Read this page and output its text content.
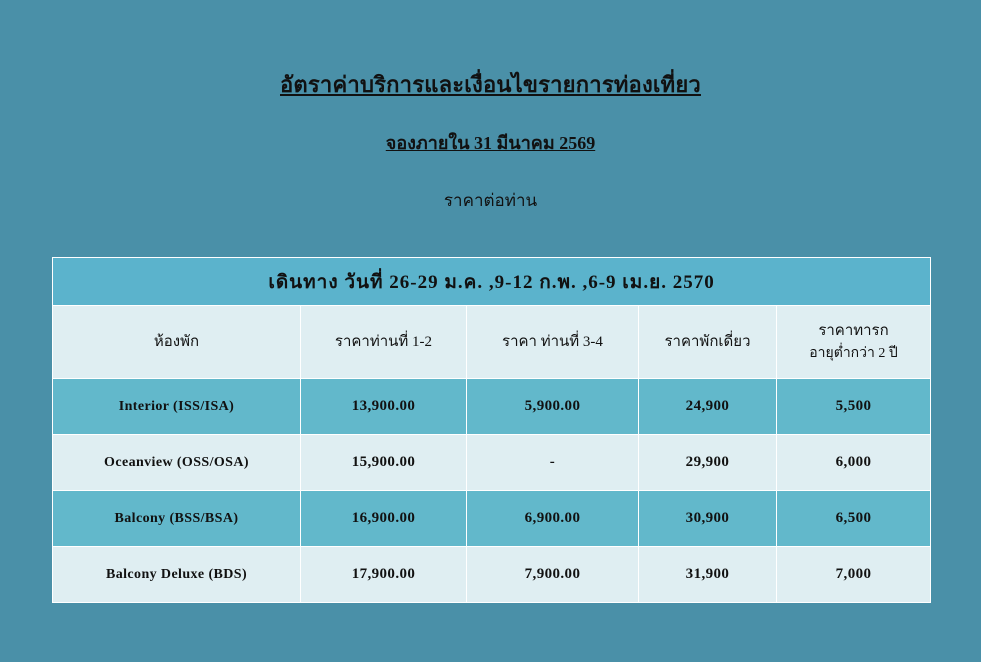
อัตราค่าบริการและเงื่อนไขรายการท่องเที่ยว
จองภายใน 31 มีนาคม 2569
ราคาต่อท่าน
เดินทาง วันที่ 26-29 ม.ค. ,9-12 ก.พ. ,6-9 เม.ย. 2570				
ห้องพัก	ราคาท่านที่ 1-2	ราคา ท่านที่ 3-4	ราคาพักเดี่ยว	ราคาทารก
อายุต่ำกว่า 2 ปี

Interior (ISS/ISA)	13,900.00	5,900.00	24,900	5,500
Oceanview (OSS/OSA)	15,900.00	-	29,900	6,000
Balcony (BSS/BSA)	16,900.00	6,900.00	30,900	6,500
Balcony Deluxe (BDS)	17,900.00	7,900.00	31,900	7,000
